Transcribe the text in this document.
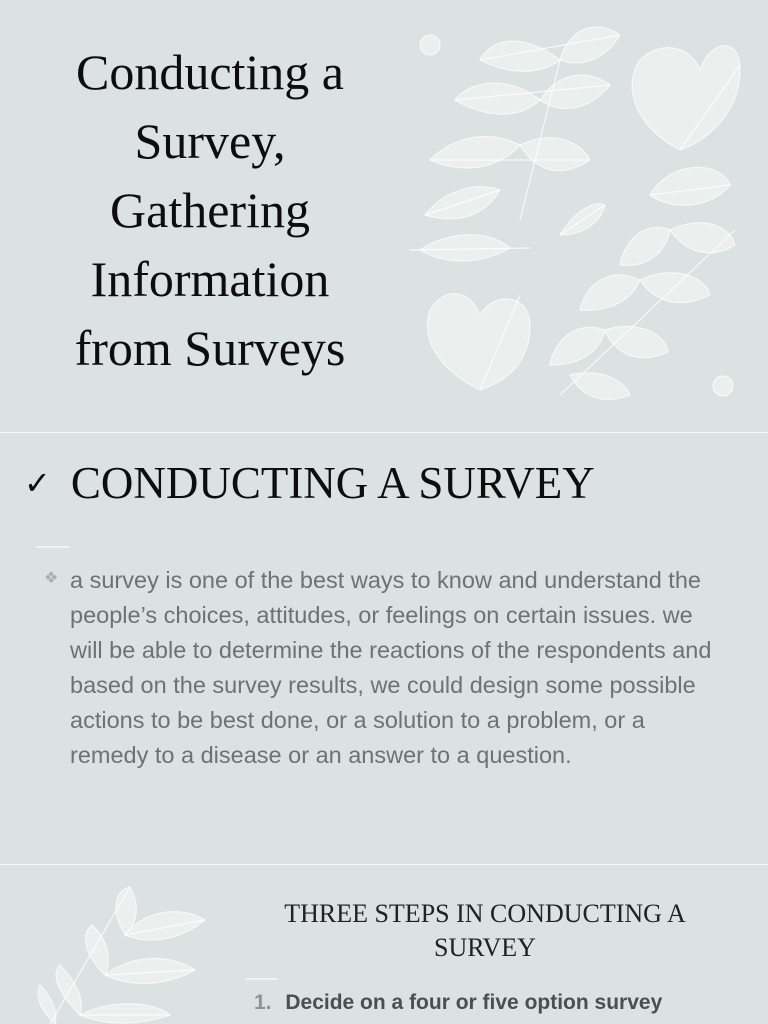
Conducting a
Survey,
Gathering
Information
from Surveys
✓ CONDUCTING A SURVEY
❖ a survey is one of the best ways to know and understand the people’s choices, attitudes, or feelings on certain issues. we will be able to determine the reactions of the respondents and based on the survey results, we could design some possible actions to be best done, or a solution to a problem, or a remedy to a disease or an answer to a question.
THREE STEPS IN CONDUCTING A SURVEY
1. Decide on a four or five option survey
